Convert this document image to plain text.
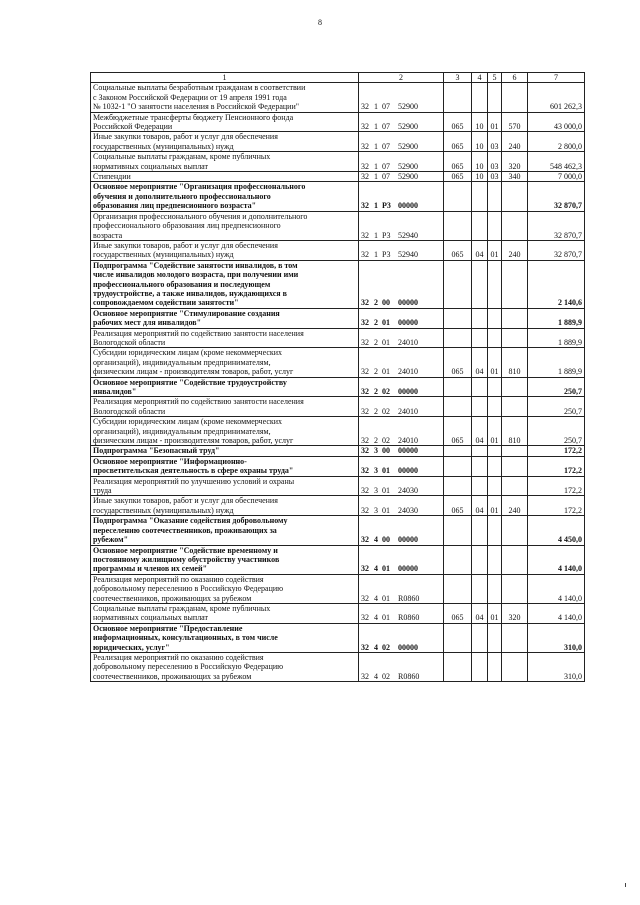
8
1	2	3	4	5	6	7

Социальные выплаты безработным гражданам в соответствии
с Законом Российской Федерации от 19 апреля 1991 года
№ 1032-1 "О занятости населения в Российской Федерации"	32 1 07 52900					601 262,3

Межбюджетные трансферты бюджету Пенсионного фонда
Российской Федерации	32 1 07 52900	065	10	01	570	43 000,0

Иные закупки товаров, работ и услуг для обеспечения
государственных (муниципальных) нужд	32 1 07 52900	065	10	03	240	2 800,0

Социальные выплаты гражданам, кроме публичных
нормативных социальных выплат	32 1 07 52900	065	10	03	320	548 462,3

Стипендии	32 1 07 52900	065	10	03	340	7 000,0

Основное мероприятие "Организация профессионального
обучения и дополнительного профессионального
образования лиц предпенсионного возраста"	32 1 Р3 00000					32 870,7

Организация профессионального обучения и дополнительного
профессионального образования лиц предпенсионного
возраста	32 1 Р3 52940					32 870,7

Иные закупки товаров, работ и услуг для обеспечения
государственных (муниципальных) нужд	32 1 Р3 52940	065	04	01	240	32 870,7

Подпрограмма "Содействие занятости инвалидов, в том
числе инвалидов молодого возраста, при получении ими
профессионального образования и последующем
трудоустройстве, а также инвалидов, нуждающихся в
сопровождаемом содействии занятости"	32 2 00 00000					2 140,6

Основное мероприятие "Стимулирование создания
рабочих мест для инвалидов"	32 2 01 00000					1 889,9

Реализация мероприятий по содействию занятости населения
Вологодской области	32 2 01 24010					1 889,9

Субсидии юридическим лицам (кроме некоммерческих
организаций), индивидуальным предпринимателям,
физическим лицам - производителям товаров, работ, услуг	32 2 01 24010	065	04	01	810	1 889,9

Основное мероприятие "Содействие трудоустройству
инвалидов"	32 2 02 00000					250,7

Реализация мероприятий по содействию занятости населения
Вологодской области	32 2 02 24010					250,7

Субсидии юридическим лицам (кроме некоммерческих
организаций), индивидуальным предпринимателям,
физическим лицам - производителям товаров, работ, услуг	32 2 02 24010	065	04	01	810	250,7

Подпрограмма "Безопасный труд"	32 3 00 00000					172,2

Основное мероприятие "Информационно-
просветительская деятельность в сфере охраны труда"	32 3 01 00000					172,2

Реализация мероприятий по улучшению условий и охраны
труда	32 3 01 24030					172,2

Иные закупки товаров, работ и услуг для обеспечения
государственных (муниципальных) нужд	32 3 01 24030	065	04	01	240	172,2

Подпрограмма "Оказание содействия добровольному
переселению соотечественников, проживающих за
рубежом"	32 4 00 00000					4 450,0

Основное мероприятие "Содействие временному и
постоянному жилищному обустройству участников
программы и членов их семей"	32 4 01 00000					4 140,0

Реализация мероприятий по оказанию содействия
добровольному переселению в Российскую Федерацию
соотечественников, проживающих за рубежом	32 4 01 R0860					4 140,0

Социальные выплаты гражданам, кроме публичных
нормативных социальных выплат	32 4 01 R0860	065	04	01	320	4 140,0

Основное мероприятие "Предоставление
информационных, консультационных, в том числе
юридических, услуг"	32 4 02 00000					310,0

Реализация мероприятий по оказанию содействия
добровольному переселению в Российскую Федерацию
соотечественников, проживающих за рубежом	32 4 02 R0860					310,0
